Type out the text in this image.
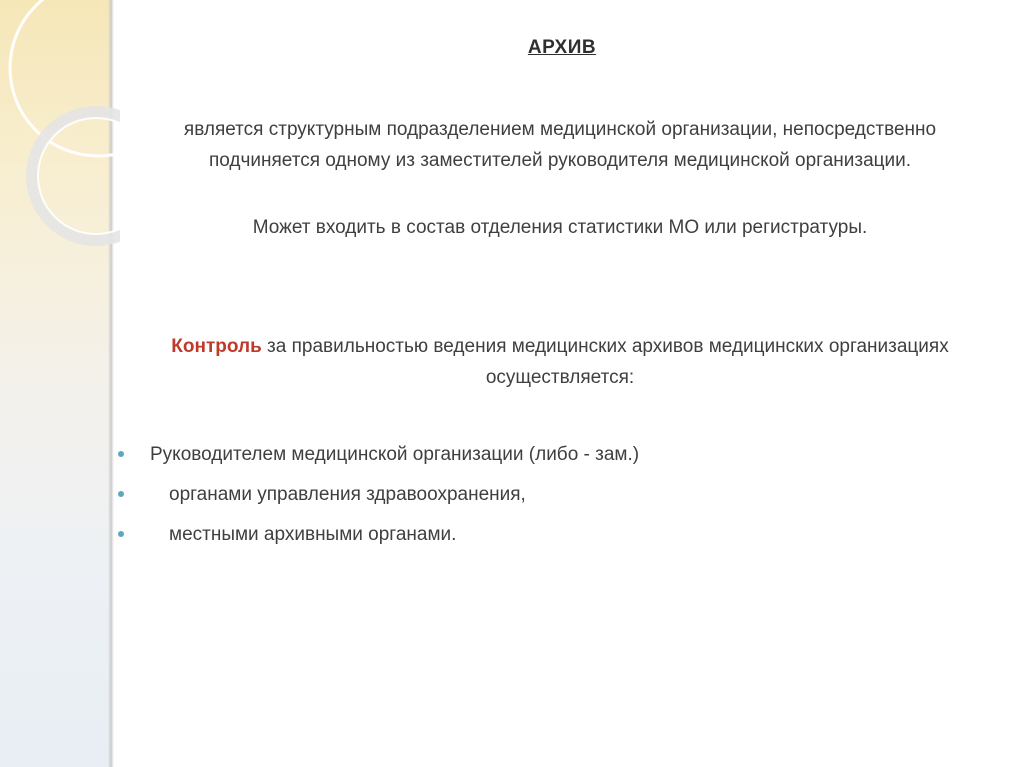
АРХИВ
является структурным подразделением медицинской организации, непосредственно подчиняется одному из заместителей руководителя медицинской организации.
Может входить в состав отделения статистики МО или регистратуры.
Контроль за правильностью ведения медицинских архивов медицинских организациях осуществляется:
Руководителем медицинской организации (либо - зам.)
органами управления здравоохранения,
местными архивными органами.
